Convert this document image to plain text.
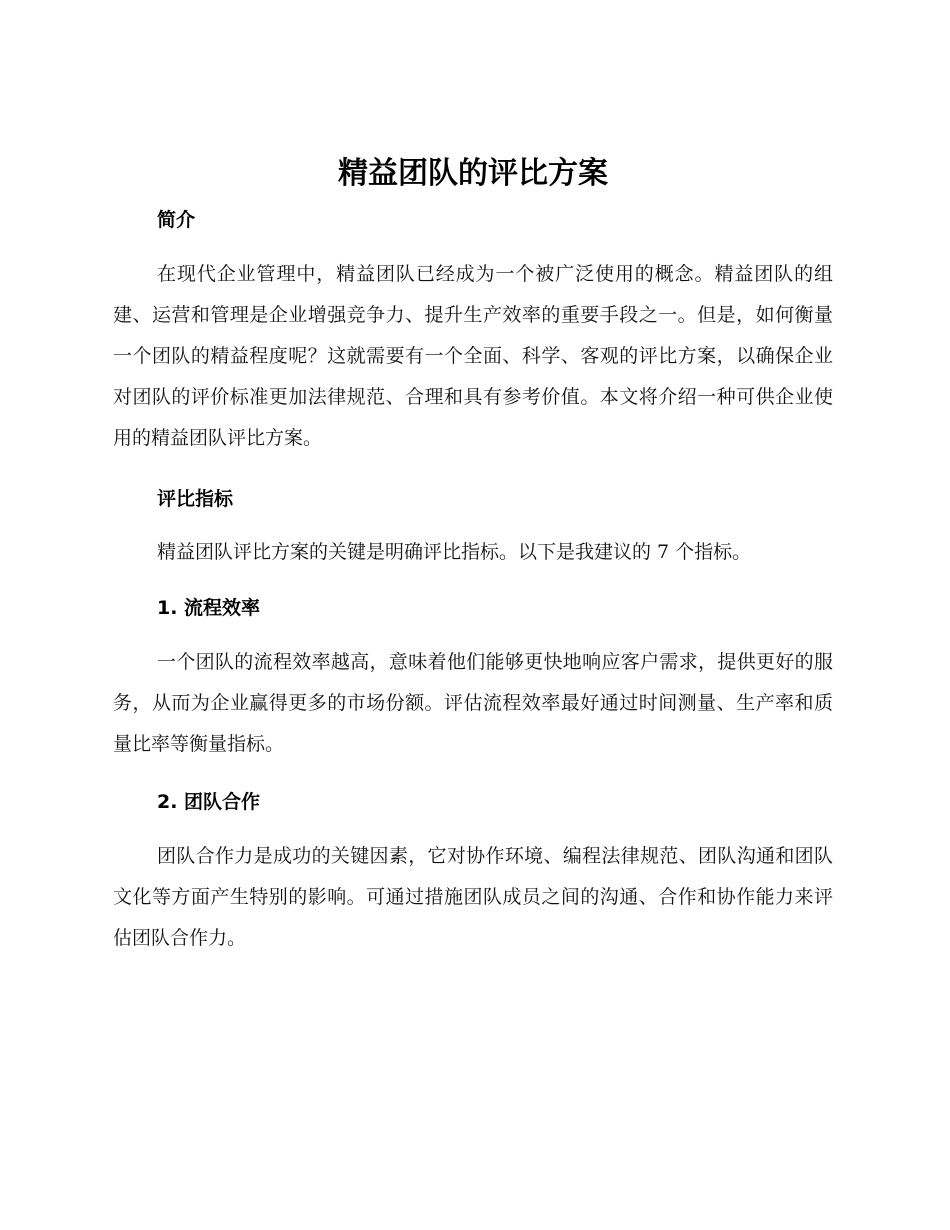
精益团队的评比方案
简介

在现代企业管理中，精益团队已经成为一个被广泛使用的概念。精益团队的组建、运营和管理是企业增强竞争力、提升生产效率的重要手段之一。但是，如何衡量一个团队的精益程度呢？这就需要有一个全面、科学、客观的评比方案，以确保企业对团队的评价标准更加法律规范、合理和具有参考价值。本文将介绍一种可供企业使用的精益团队评比方案。

评比指标

精益团队评比方案的关键是明确评比指标。以下是我建议的 7 个指标。

1. 流程效率

一个团队的流程效率越高，意味着他们能够更快地响应客户需求，提供更好的服务，从而为企业赢得更多的市场份额。评估流程效率最好通过时间测量、生产率和质量比率等衡量指标。

2. 团队合作

团队合作力是成功的关键因素，它对协作环境、编程法律规范、团队沟通和团队文化等方面产生特别的影响。可通过措施团队成员之间的沟通、合作和协作能力来评估团队合作力。
